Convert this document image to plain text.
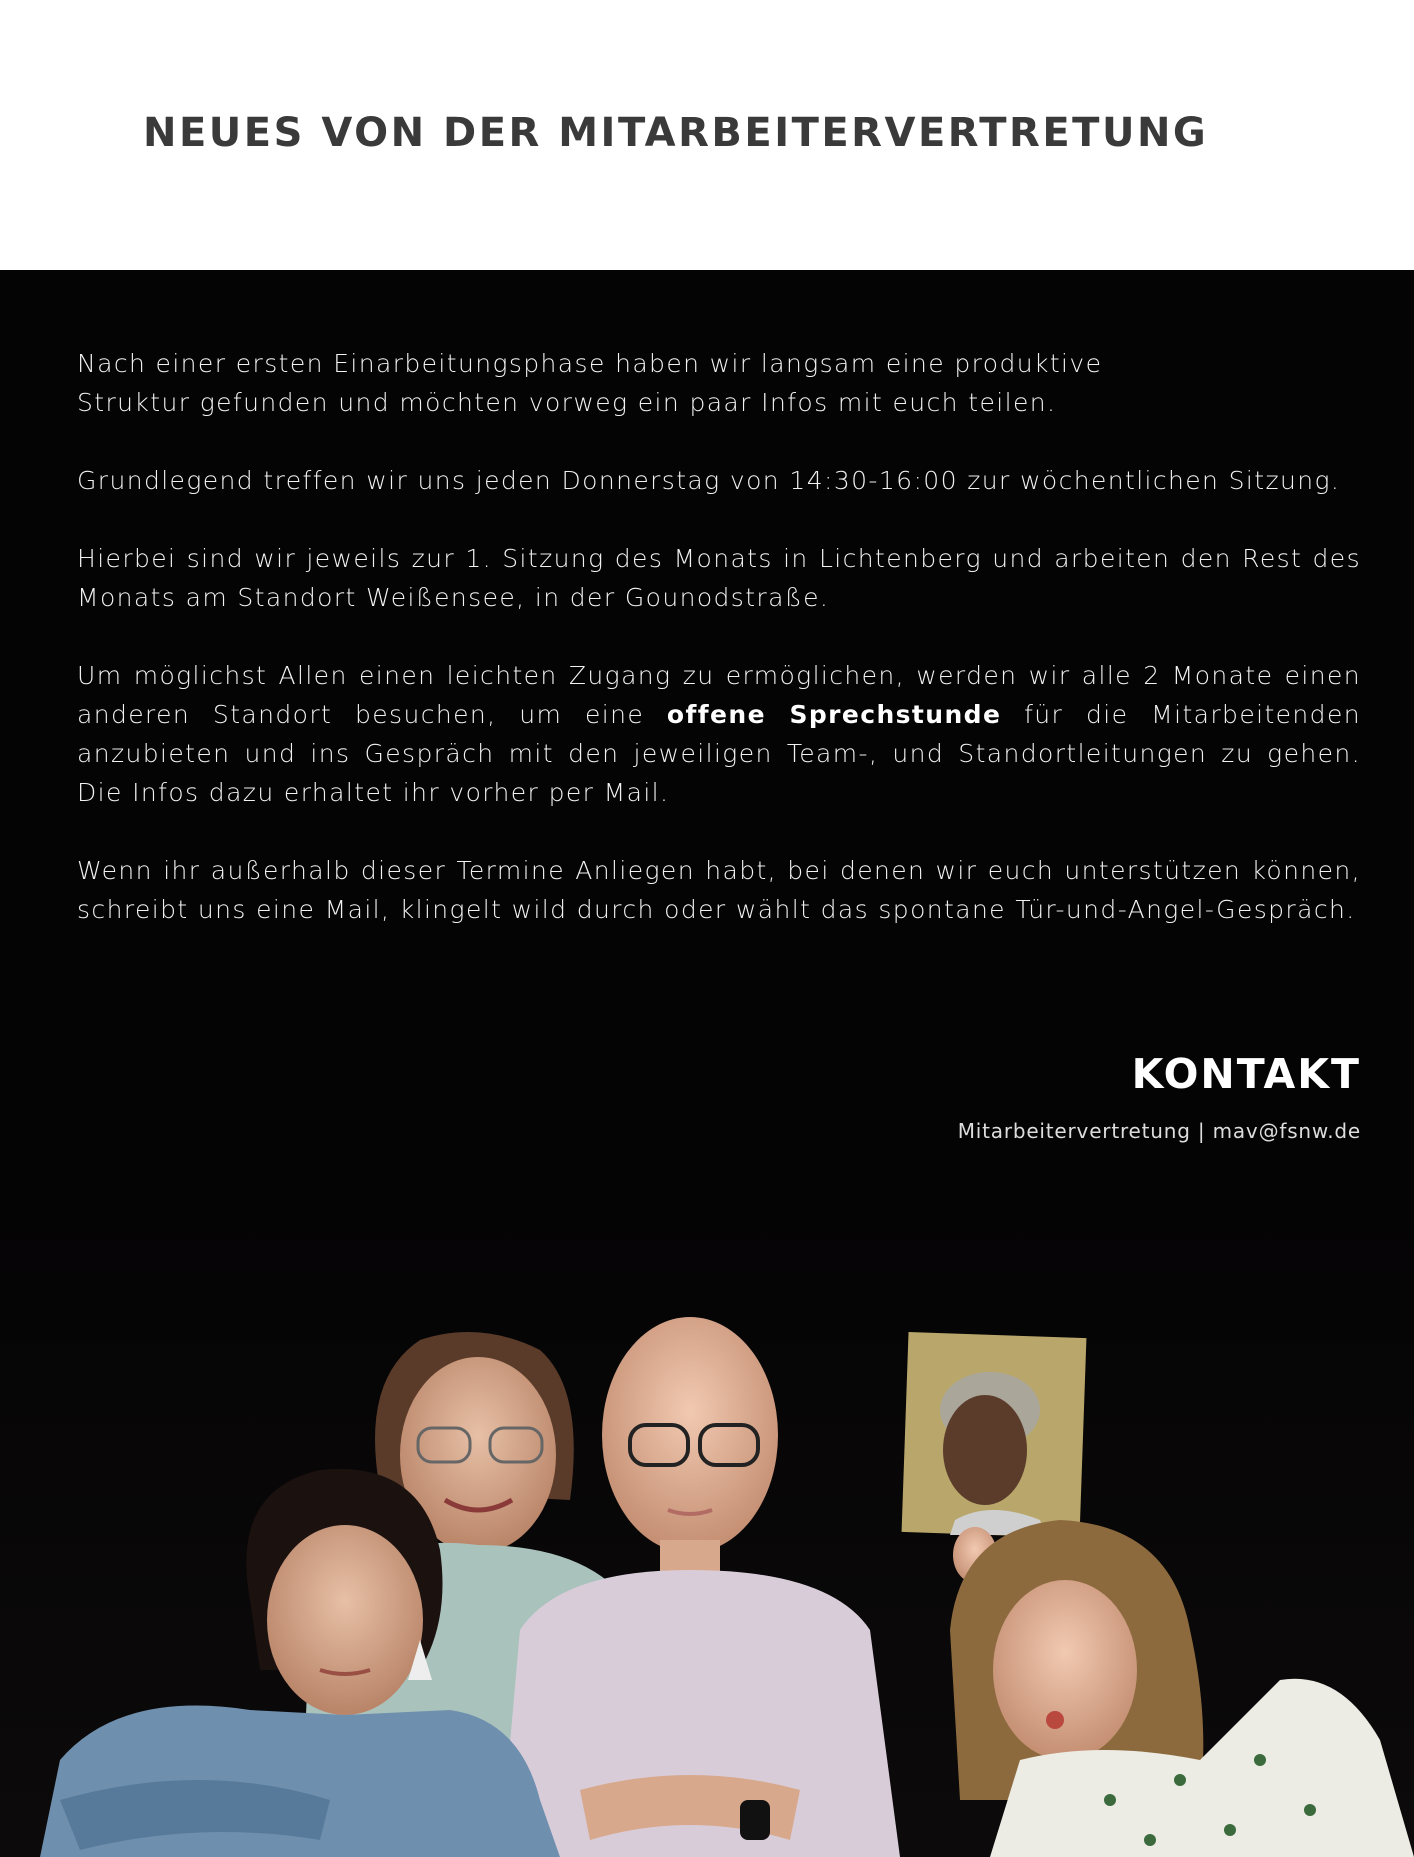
NEUES VON DER MITARBEITERVERTRETUNG

Nach einer ersten Einarbeitungsphase haben wir langsam eine produktive
Struktur gefunden und möchten vorweg ein paar Infos mit euch teilen.

Grundlegend treffen wir uns jeden Donnerstag von 14:30-16:00 zur wöchentlichen Sitzung.

Hierbei sind wir jeweils zur 1. Sitzung des Monats in Lichtenberg und arbeiten den Rest des Monats am Standort Weißensee, in der Gounodstraße.

Um möglichst Allen einen leichten Zugang zu ermöglichen, werden wir alle 2 Monate einen anderen Standort besuchen, um eine offene Sprechstunde für die Mitarbeitenden anzubieten und ins Gespräch mit den jeweiligen Team-, und Standortleitungen zu gehen. Die Infos dazu erhaltet ihr vorher per Mail.

Wenn ihr außerhalb dieser Termine Anliegen habt, bei denen wir euch unterstützen können, schreibt uns eine Mail, klingelt wild durch oder wählt das spontane Tür-und-Angel-Gespräch.

KONTAKT
Mitarbeitervertretung | mav@fsnw.de
